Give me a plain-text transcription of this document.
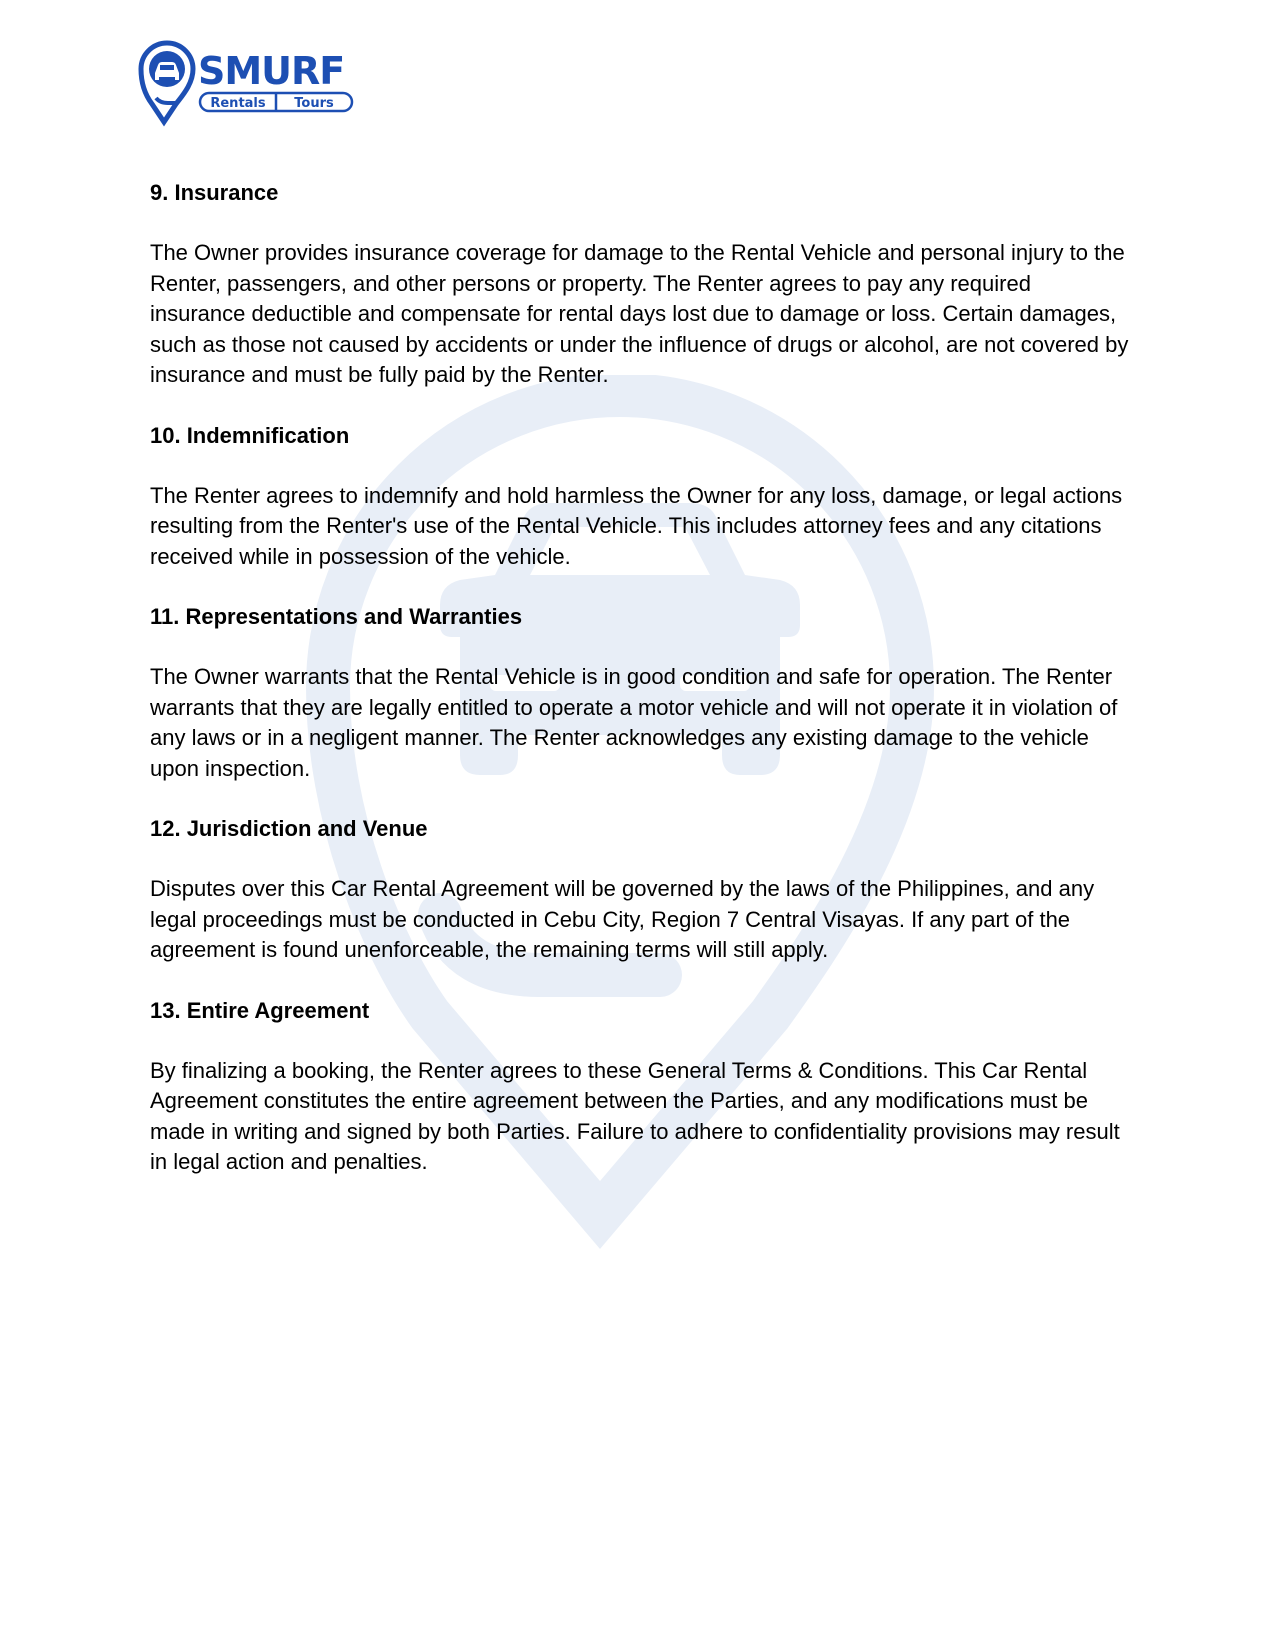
SMURF
Rentals Tours
9. Insurance
The Owner provides insurance coverage for damage to the Rental Vehicle and personal injury to the Renter, passengers, and other persons or property. The Renter agrees to pay any required insurance deductible and compensate for rental days lost due to damage or loss. Certain damages, such as those not caused by accidents or under the influence of drugs or alcohol, are not covered by insurance and must be fully paid by the Renter.
10. Indemnification
The Renter agrees to indemnify and hold harmless the Owner for any loss, damage, or legal actions resulting from the Renter's use of the Rental Vehicle. This includes attorney fees and any citations received while in possession of the vehicle.
11. Representations and Warranties
The Owner warrants that the Rental Vehicle is in good condition and safe for operation. The Renter warrants that they are legally entitled to operate a motor vehicle and will not operate it in violation of any laws or in a negligent manner. The Renter acknowledges any existing damage to the vehicle upon inspection.
12. Jurisdiction and Venue
Disputes over this Car Rental Agreement will be governed by the laws of the Philippines, and any legal proceedings must be conducted in Cebu City, Region 7 Central Visayas. If any part of the agreement is found unenforceable, the remaining terms will still apply.
13. Entire Agreement
By finalizing a booking, the Renter agrees to these General Terms & Conditions. This Car Rental Agreement constitutes the entire agreement between the Parties, and any modifications must be made in writing and signed by both Parties. Failure to adhere to confidentiality provisions may result in legal action and penalties.
